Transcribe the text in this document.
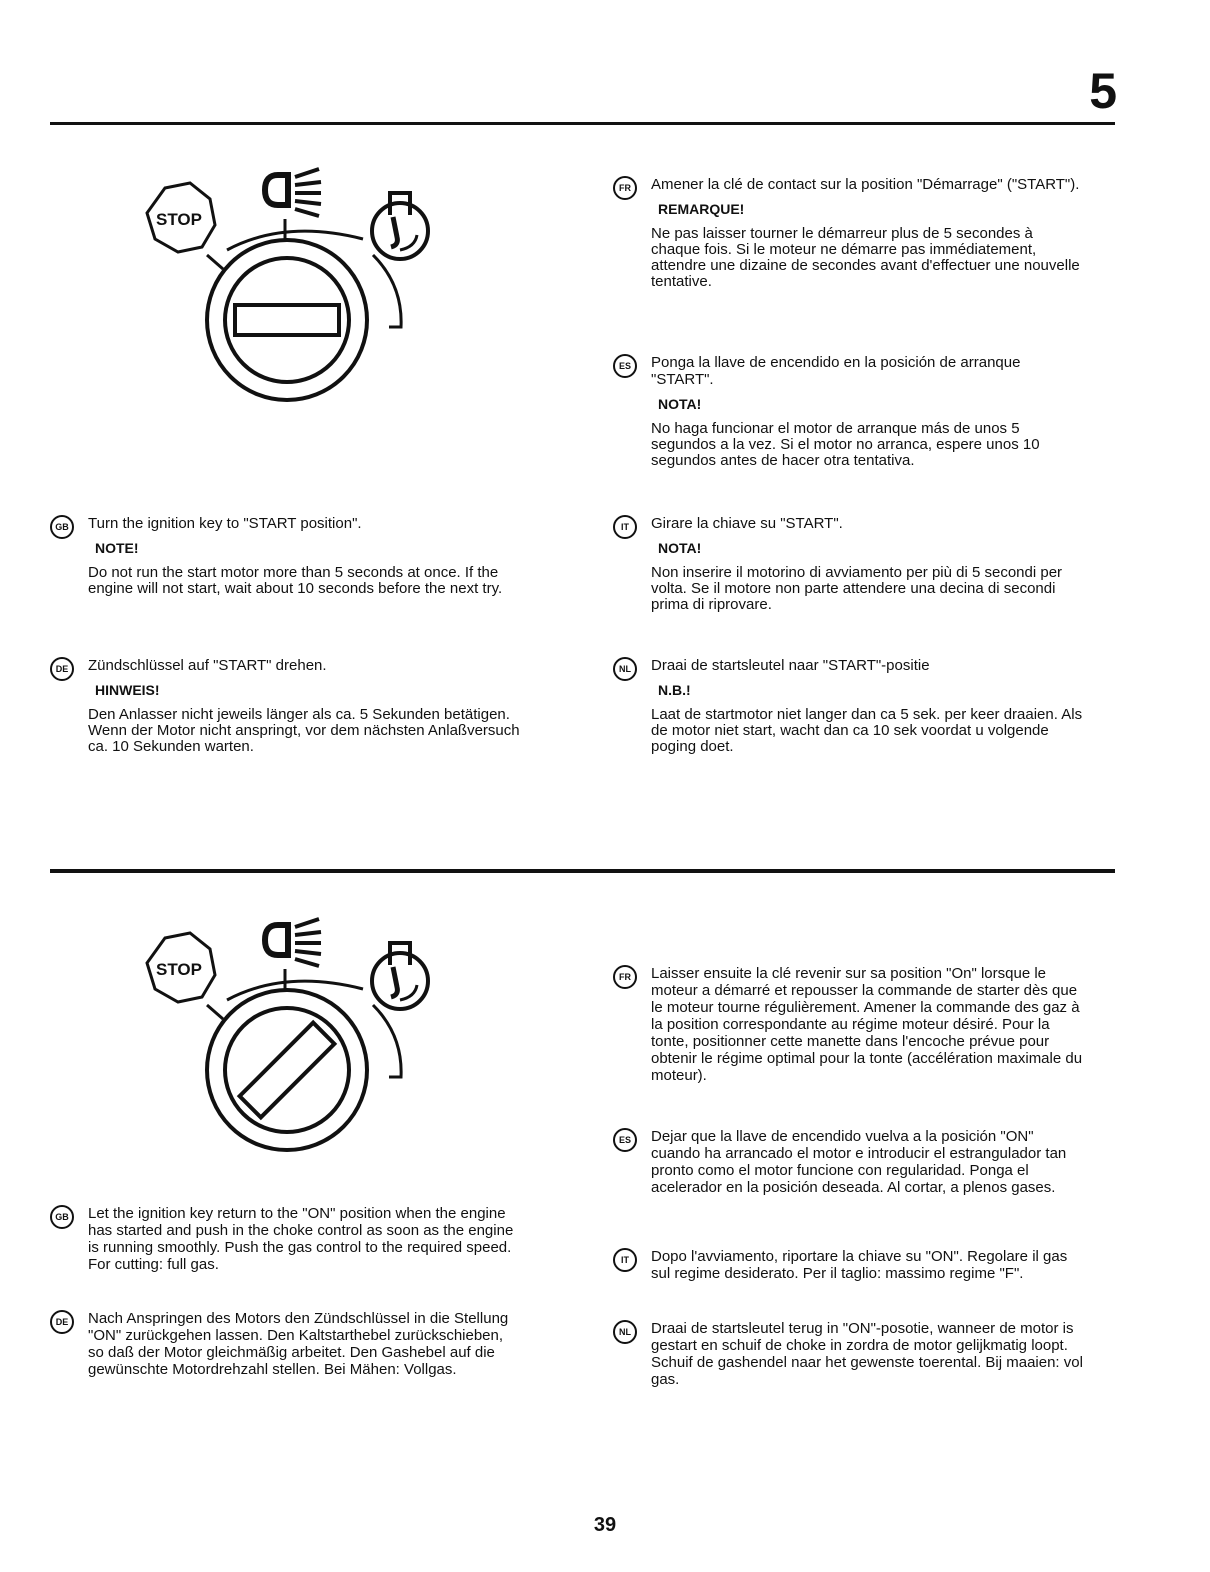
5
STOP
GB	Turn the ignition key to "START position".

NOTE!

Do not run the start motor more than 5 seconds at once. If the engine will not start, wait about 10 seconds before the next try.

DE	Zündschlüssel auf "START" drehen.

HINWEIS!

Den Anlasser nicht jeweils länger als ca. 5 Sekunden betätigen. Wenn der Motor nicht anspringt, vor dem nächsten Anlaßversuch ca. 10 Sekunden warten.

FR	Amener la clé de contact sur la position "Démarrage" ("START").

REMARQUE!

Ne pas laisser tourner le démarreur plus de 5 secondes à chaque fois. Si le moteur ne démarre pas immédiatement, attendre une dizaine de secondes avant d'effectuer une nouvelle tentative.

ES	Ponga la llave de encendido en la posición de arranque "START".

NOTA!

No haga funcionar el motor de arranque más de unos 5 segundos a la vez. Si el motor no arranca, espere unos 10 segundos antes de hacer otra tentativa.

IT	Girare la chiave su "START".

NOTA!

Non inserire il motorino di avviamento per più di 5 secondi per volta. Se il motore non parte attendere una decina di secondi prima di riprovare.

NL	Draai de startsleutel naar "START"-positie

N.B.!

Laat de startmotor niet langer dan ca 5 sek. per keer draaien. Als de motor niet start, wacht dan ca 10 sek voordat u volgende poging doet.

STOP
GB	Let the ignition key return to the "ON" position when the engine has started and push in the choke control as soon as the engine is running smoothly. Push the gas control to the required speed. For cutting: full gas.

DE	Nach Anspringen des Motors den Zündschlüssel in die Stellung "ON" zurückgehen lassen. Den Kaltstarthebel zurückschieben, so daß der Motor gleichmäßig arbeitet. Den Gashebel auf die gewünschte Motordrehzahl stellen. Bei Mähen: Vollgas.

FR	Laisser ensuite la clé revenir sur sa position "On" lorsque le moteur a démarré et repousser la commande de starter dès que le moteur tourne régulièrement. Amener la commande des gaz à la position correspondante au régime moteur désiré. Pour la tonte, positionner cette manette dans l'encoche prévue pour obtenir le régime optimal pour la tonte (accélération maximale du moteur).

ES	Dejar que la llave de encendido vuelva a la posición "ON" cuando ha arrancado el motor e introducir el estrangulador tan pronto como el motor funcione con regularidad. Ponga el acelerador en la posición deseada. Al cortar, a plenos gases.

IT	Dopo l'avviamento, riportare la chiave su "ON". Regolare il gas sul regime desiderato. Per il taglio: massimo regime "F".

NL	Draai de startsleutel terug in "ON"-posotie, wanneer de motor is gestart en schuif de choke in zordra de motor gelijkmatig loopt. Schuif de gashendel naar het gewenste toerental. Bij maaien: vol gas.

39
